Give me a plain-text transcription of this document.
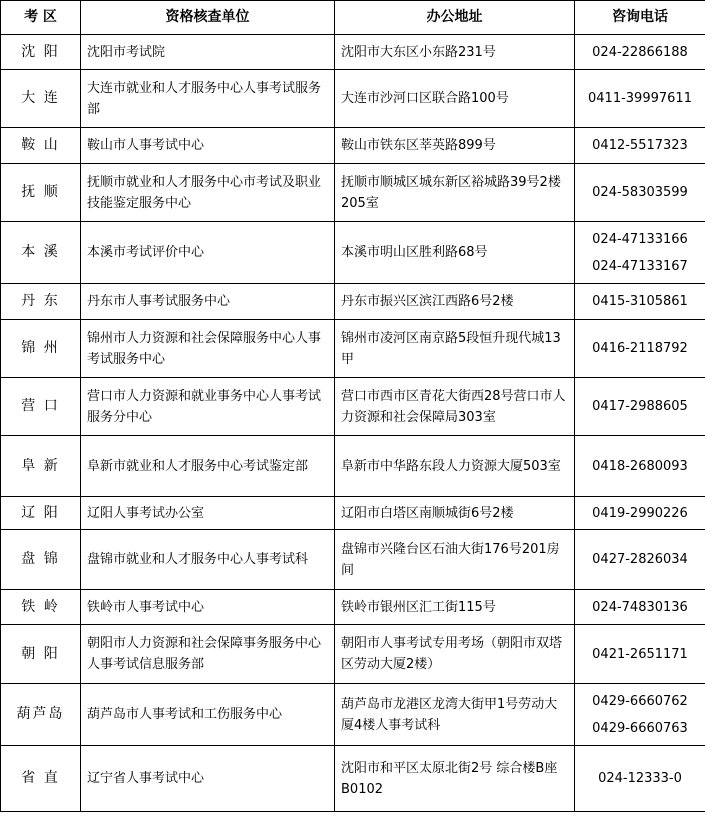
考 区	资格核查单位	办公地址	咨询电话
沈 阳	沈阳市考试院	沈阳市大东区小东路231号	024-22866188

大 连	大连市就业和人才服务中心人事考试服务部	大连市沙河口区联合路100号	0411-39997611

鞍 山	鞍山市人事考试中心	鞍山市铁东区莘英路899号	0412-5517323

抚 顺	抚顺市就业和人才服务中心市考试及职业技能鉴定服务中心	抚顺市顺城区城东新区裕城路39号2楼205室	024-58303599

本 溪	本溪市考试评价中心	本溪市明山区胜利路68号	024-47133166
024-47133167

丹 东	丹东市人事考试服务中心	丹东市振兴区滨江西路6号2楼	0415-3105861

锦 州	锦州市人力资源和社会保障服务中心人事考试服务中心	锦州市凌河区南京路5段恒升现代城13甲	0416-2118792

营 口	营口市人力资源和就业事务中心人事考试服务分中心	营口市西市区青花大街西28号营口市人力资源和社会保障局303室	0417-2988605

阜 新	阜新市就业和人才服务中心考试鉴定部	阜新市中华路东段人力资源大厦503室	0418-2680093

辽 阳	辽阳人事考试办公室	辽阳市白塔区南顺城街6号2楼	0419-2990226

盘 锦	盘锦市就业和人才服务中心人事考试科	盘锦市兴隆台区石油大街176号201房间	0427-2826034

铁 岭	铁岭市人事考试中心	铁岭市银州区汇工街115号	024-74830136

朝 阳	朝阳市人力资源和社会保障事务服务中心人事考试信息服务部	朝阳市人事考试专用考场（朝阳市双塔区劳动大厦2楼）	0421-2651171

葫芦岛	葫芦岛市人事考试和工伤服务中心	葫芦岛市龙港区龙湾大街甲1号劳动大厦4楼人事考试科	0429-6660762
0429-6660763

省 直	辽宁省人事考试中心	沈阳市和平区太原北街2号 综合楼B座B0102	024-12333-0
